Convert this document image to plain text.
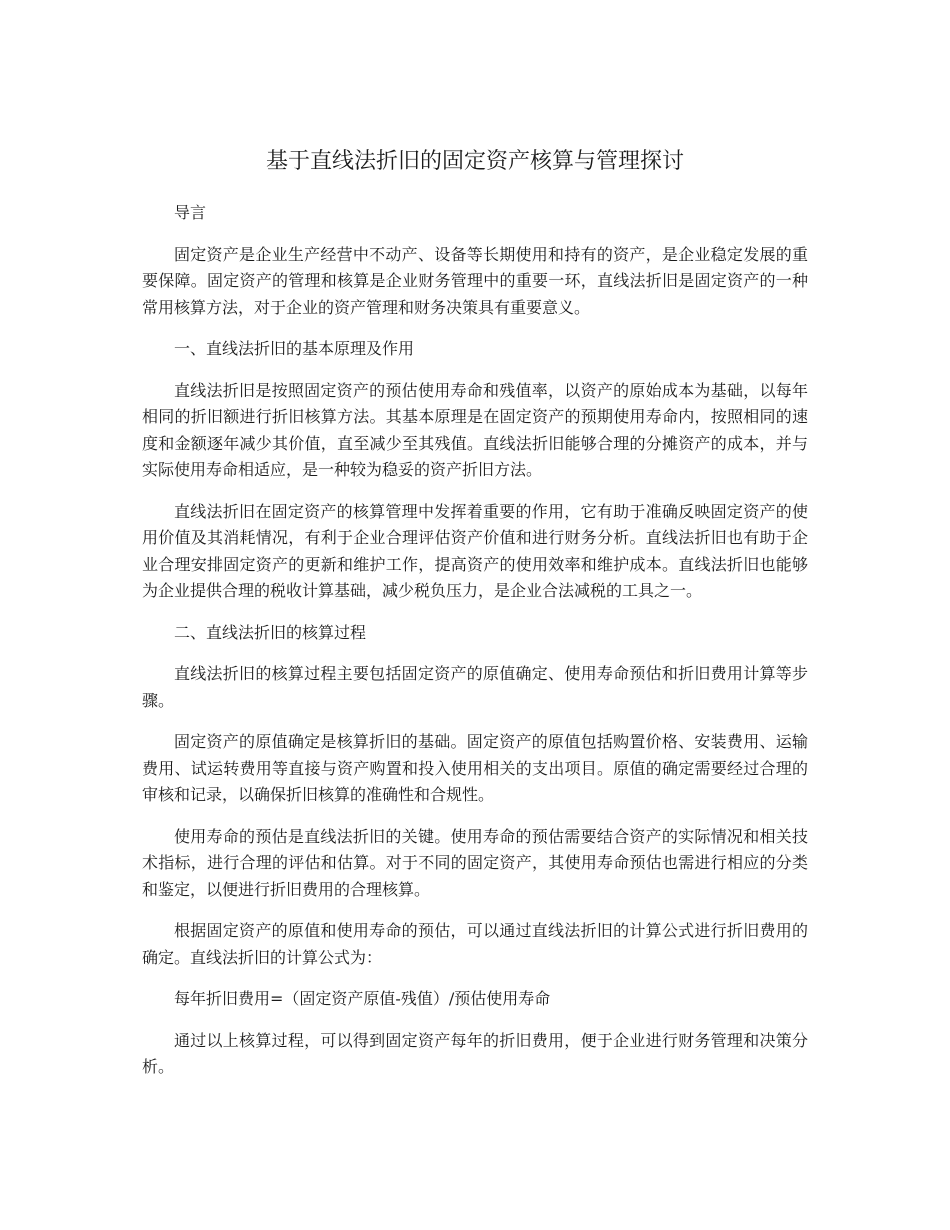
基于直线法折旧的固定资产核算与管理探讨

导言

固定资产是企业生产经营中不动产、设备等长期使用和持有的资产，是企业稳定发展的重要保障。固定资产的管理和核算是企业财务管理中的重要一环，直线法折旧是固定资产的一种常用核算方法，对于企业的资产管理和财务决策具有重要意义。

一、直线法折旧的基本原理及作用

直线法折旧是按照固定资产的预估使用寿命和残值率，以资产的原始成本为基础，以每年相同的折旧额进行折旧核算方法。其基本原理是在固定资产的预期使用寿命内，按照相同的速度和金额逐年减少其价值，直至减少至其残值。直线法折旧能够合理的分摊资产的成本，并与实际使用寿命相适应，是一种较为稳妥的资产折旧方法。

直线法折旧在固定资产的核算管理中发挥着重要的作用，它有助于准确反映固定资产的使用价值及其消耗情况，有利于企业合理评估资产价值和进行财务分析。直线法折旧也有助于企业合理安排固定资产的更新和维护工作，提高资产的使用效率和维护成本。直线法折旧也能够为企业提供合理的税收计算基础，减少税负压力，是企业合法减税的工具之一。

二、直线法折旧的核算过程

直线法折旧的核算过程主要包括固定资产的原值确定、使用寿命预估和折旧费用计算等步骤。

固定资产的原值确定是核算折旧的基础。固定资产的原值包括购置价格、安装费用、运输费用、试运转费用等直接与资产购置和投入使用相关的支出项目。原值的确定需要经过合理的审核和记录，以确保折旧核算的准确性和合规性。

使用寿命的预估是直线法折旧的关键。使用寿命的预估需要结合资产的实际情况和相关技术指标，进行合理的评估和估算。对于不同的固定资产，其使用寿命预估也需进行相应的分类和鉴定，以便进行折旧费用的合理核算。

根据固定资产的原值和使用寿命的预估，可以通过直线法折旧的计算公式进行折旧费用的确定。直线法折旧的计算公式为：

每年折旧费用=（固定资产原值-残值）/预估使用寿命

通过以上核算过程，可以得到固定资产每年的折旧费用，便于企业进行财务管理和决策分析。
